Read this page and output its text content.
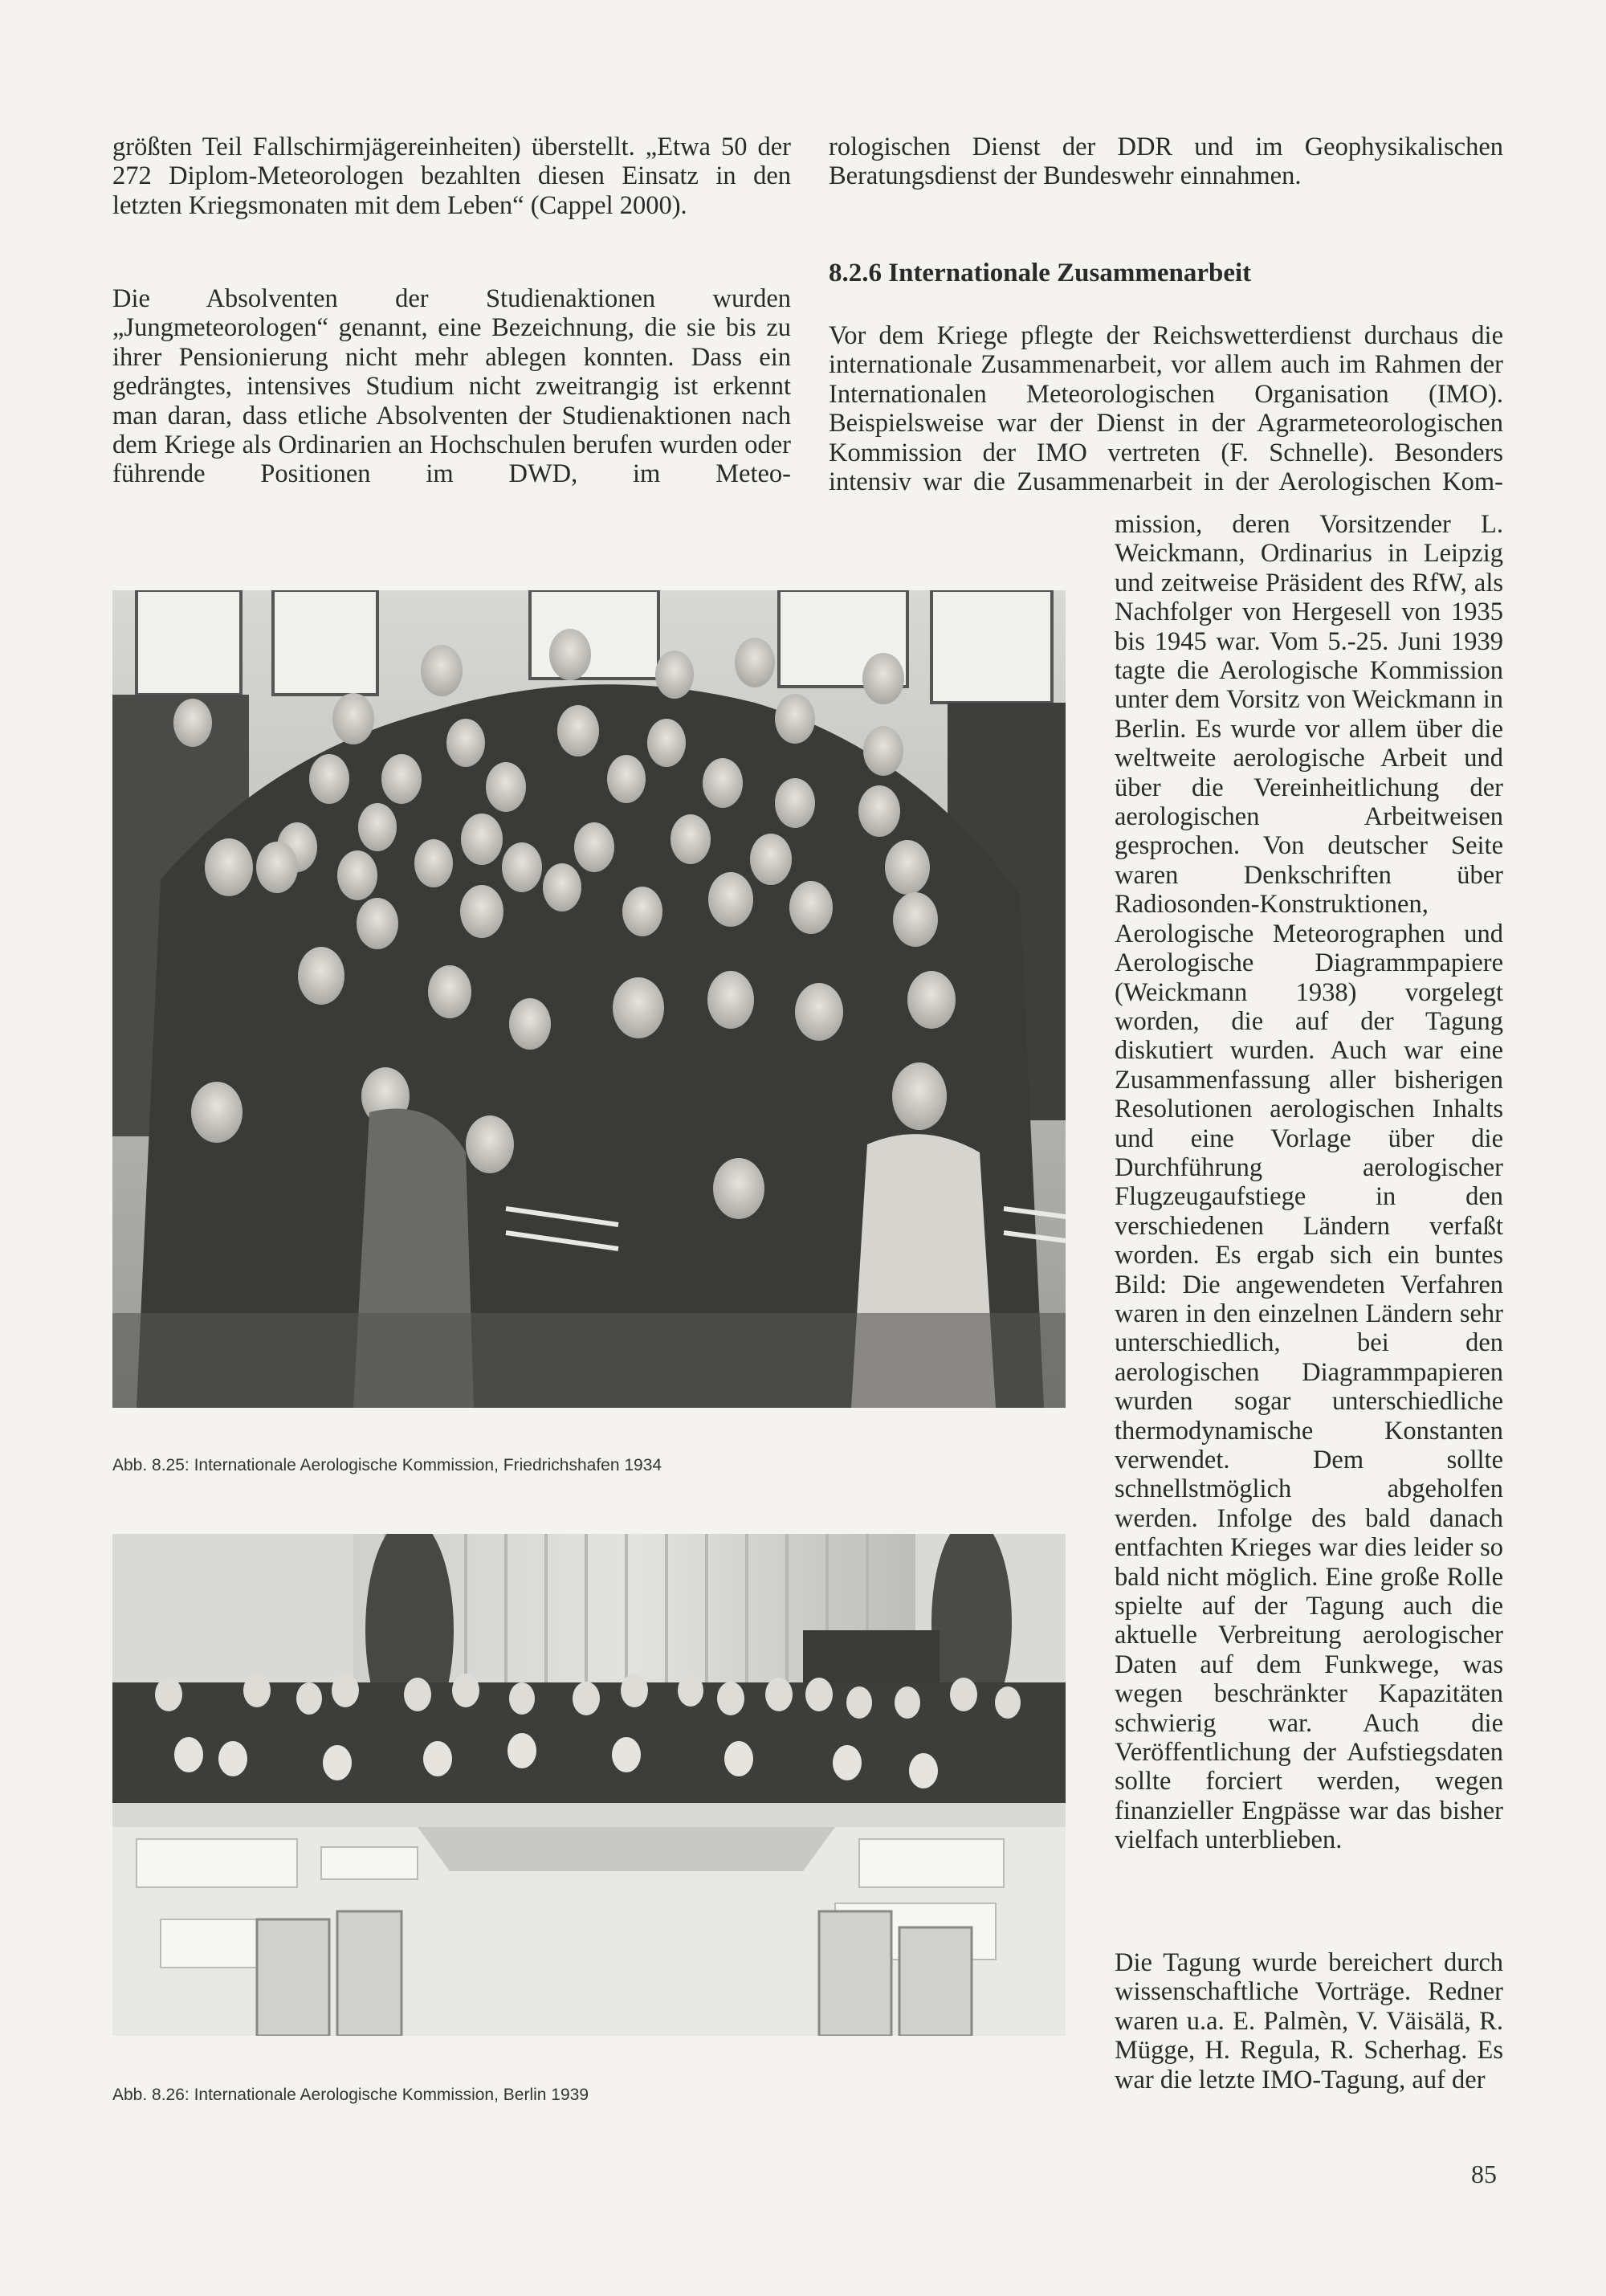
größten Teil Fallschirmjägereinheiten) überstellt. „Etwa 50 der 272 Diplom-Meteorologen bezahlten diesen Einsatz in den letzten Kriegsmonaten mit dem Leben“ (Cappel 2000).

Die Absolventen der Studienaktionen wurden „Jungmeteorologen“ genannt, eine Bezeichnung, die sie bis zu ihrer Pensionierung nicht mehr ablegen konnten. Dass ein gedrängtes, intensives Studium nicht zweitrangig ist erkennt man daran, dass etliche Absolventen der Studienaktionen nach dem Kriege als Ordinarien an Hochschulen berufen wurden oder führende Positionen im DWD, im Meteo-

Abb. 8.25: Internationale Aerologische Kommission, Friedrichshafen 1934

Abb. 8.26: Internationale Aerologische Kommission, Berlin 1939

rologischen Dienst der DDR und im Geophysikalischen Beratungsdienst der Bundeswehr einnahmen.

8.2.6 Internationale Zusammenarbeit

Vor dem Kriege pflegte der Reichswetterdienst durchaus die internationale Zusammenarbeit, vor allem auch im Rahmen der Internationalen Meteorologischen Organisation (IMO). Beispielsweise war der Dienst in der Agrarmeteorologischen Kommission der IMO vertreten (F. Schnelle). Besonders intensiv war die Zusammenarbeit in der Aerologischen Kom-

mission, deren Vorsitzender L. Weickmann, Ordinarius in Leipzig und zeitweise Präsident des RfW, als Nachfolger von Hergesell von 1935 bis 1945 war. Vom 5.-25. Juni 1939 tagte die Aerologische Kommission unter dem Vorsitz von Weickmann in Berlin. Es wurde vor allem über die weltweite aerologische Arbeit und über die Vereinheitlichung der aerologischen Arbeitweisen gesprochen. Von deutscher Seite waren Denkschriften über Radiosonden-Konstruktionen, Aerologische Meteorographen und Aerologische Diagrammpapiere (Weickmann 1938) vorgelegt worden, die auf der Tagung diskutiert wurden. Auch war eine Zusammenfassung aller bisherigen Resolutionen aerologischen Inhalts und eine Vorlage über die Durchführung aerologischer Flugzeugaufstiege in den verschiedenen Ländern verfaßt worden. Es ergab sich ein buntes Bild: Die angewendeten Verfahren waren in den einzelnen Ländern sehr unterschiedlich, bei den aerologischen Diagrammpapieren wurden sogar unterschiedliche thermodynamische Konstanten verwendet. Dem sollte schnellstmöglich abgeholfen werden. Infolge des bald danach entfachten Krieges war dies leider so bald nicht möglich. Eine große Rolle spielte auf der Tagung auch die aktuelle Verbreitung aerologischer Daten auf dem Funkwege, was wegen beschränkter Kapazitäten schwierig war. Auch die Veröffentlichung der Aufstiegsdaten sollte forciert werden, wegen finanzieller Engpässe war das bisher vielfach unterblieben.

Die Tagung wurde bereichert durch wissenschaftliche Vorträge. Redner waren u.a. E. Palmèn, V. Väisälä, R. Mügge, H. Regula, R. Scherhag. Es war die letzte IMO-Tagung, auf der

85
